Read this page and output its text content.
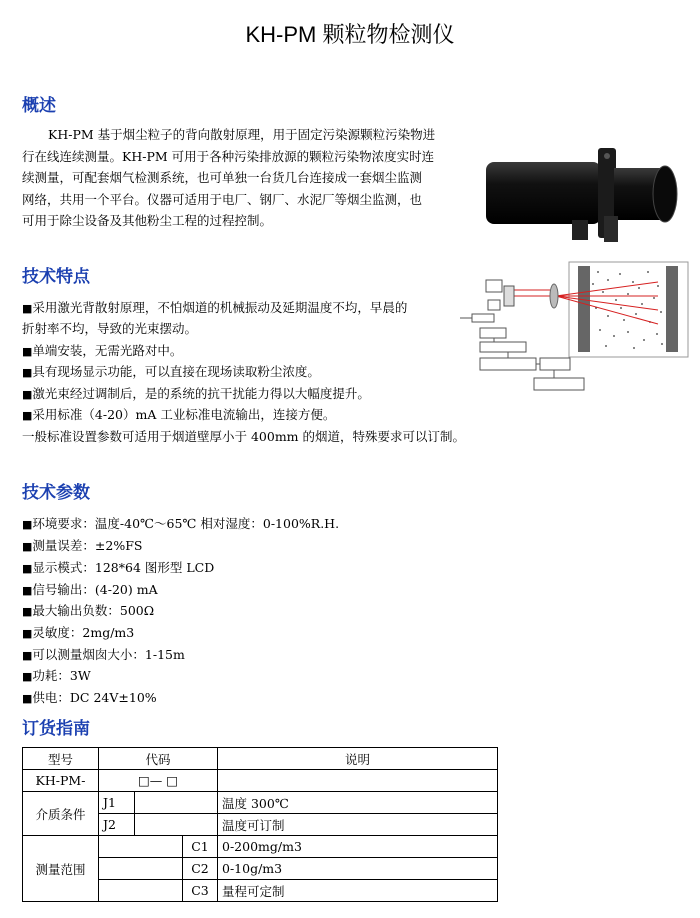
KH-PM 颗粒物检测仪
概述

KH-PM 基于烟尘粒子的背向散射原理，用于固定污染源颗粒污染物进

行在线连续测量。KH-PM 可用于各种污染排放源的颗粒污染物浓度实时连
续测量，可配套烟气检测系统，也可单独一台货几台连接成一套烟尘监测
网络，共用一个平台。仪器可适用于电厂、钢厂、水泥厂等烟尘监测，也
可用于除尘设备及其他粉尘工程的过程控制。
技术特点
■ 采用激光背散射原理，不怕烟道的机械振动及延期温度不均，早晨的
折射率不均，导致的光束摆动。
■ 单端安装，无需光路对中。
■ 具有现场显示功能，可以直接在现场读取粉尘浓度。
■ 激光束经过调制后，是的系统的抗干扰能力得以大幅度提升。
■ 采用标准（4-20）mA 工业标准电流输出，连接方便。
一般标准设置参数可适用于烟道壁厚小于 400mm 的烟道，特殊要求可以订制。
技术参数
■ 环境要求：温度-40℃～65℃ 相对湿度：0-100%R.H.
■ 测量误差：±2%FS
■ 显示模式：128*64 图形型 LCD
■ 信号输出：(4-20) mA
■ 最大输出负数：500Ω
■ 灵敏度：2mg/m3
■ 可以测量烟囱大小：1-15m
■ 功耗：3W
■ 供电：DC 24V±10%
订货指南
型号	代码			说明
KH-PM-	□— □			
介质条件	J1			温度 300℃
	J2			温度可订制
测量范围			C1	0-200mg/m3
			C2	0-10g/m3
			C3	量程可定制
